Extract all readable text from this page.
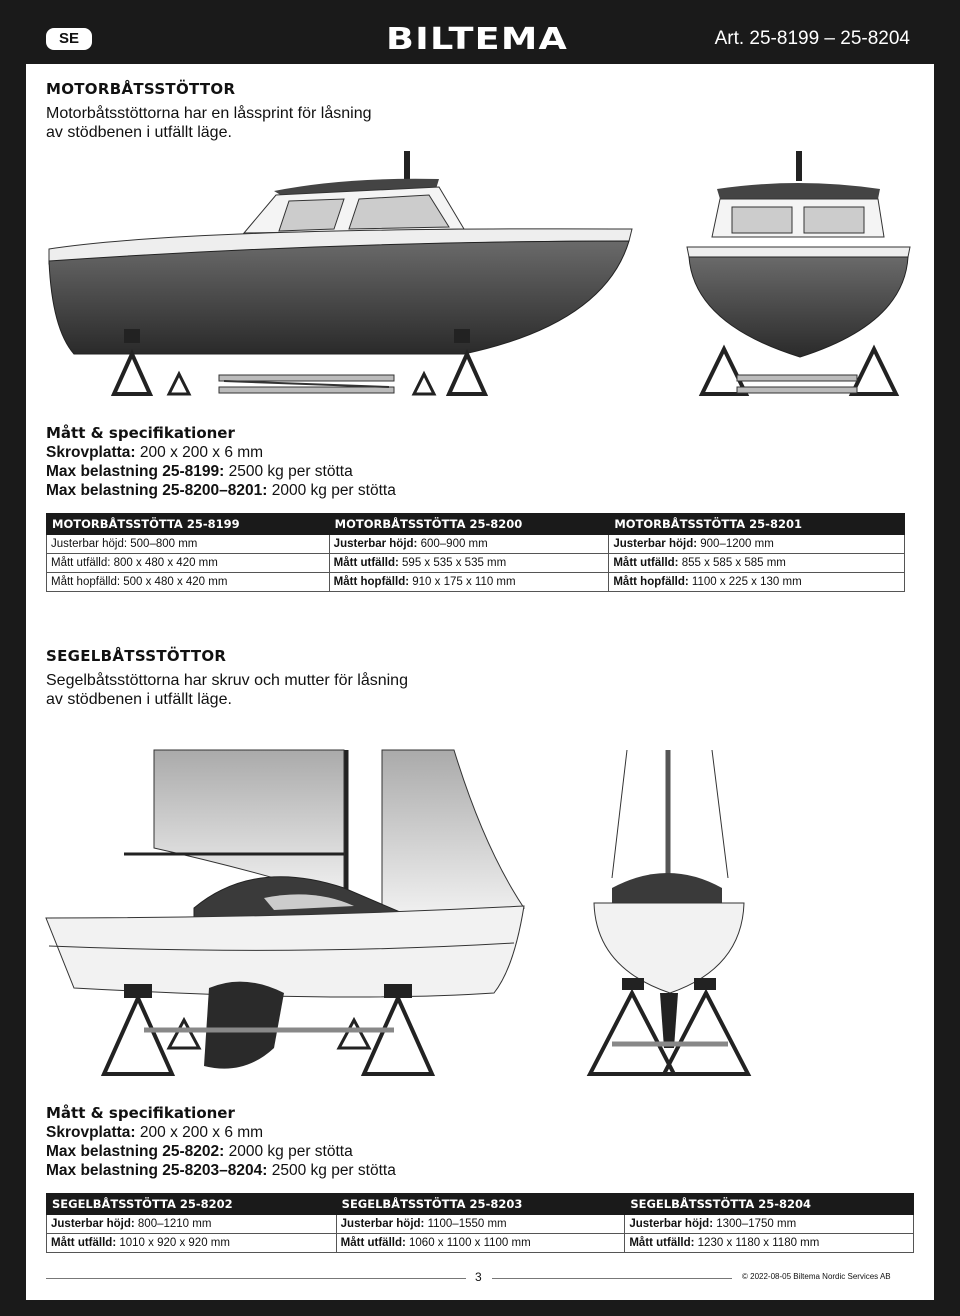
SE	BILTEMA	Art. 25-8199 – 25-8204
MOTORBÅTSSTÖTTOR
Motorbåtsstöttorna har en låssprint för låsning
av stödbenen i utfällt läge.
Mått & specifikationer
Skrovplatta: 200 x 200 x 6 mm
Max belastning 25-8199: 2500 kg per stötta
Max belastning 25-8200–8201: 2000 kg per stötta
MOTORBÅTSSTÖTTA 25-8199	MOTORBÅTSSTÖTTA 25-8200	MOTORBÅTSSTÖTTA 25-8201
Justerbar höjd: 500–800 mm	Justerbar höjd: 600–900 mm	Justerbar höjd: 900–1200 mm
Mått utfälld: 800 x 480 x 420 mm	Mått utfälld: 595 x 535 x 535 mm	Mått utfälld: 855 x 585 x 585 mm
Mått hopfälld: 500 x 480 x 420 mm	Mått hopfälld: 910 x 175 x 110 mm	Mått hopfälld: 1100 x 225 x 130 mm
SEGELBÅTSSTÖTTOR
Segelbåtsstöttorna har skruv och mutter för låsning
av stödbenen i utfällt läge.
Mått & specifikationer
Skrovplatta: 200 x 200 x 6 mm
Max belastning 25-8202: 2000 kg per stötta
Max belastning 25-8203–8204: 2500 kg per stötta
SEGELBÅTSSTÖTTA 25-8202	SEGELBÅTSSTÖTTA 25-8203	SEGELBÅTSSTÖTTA 25-8204
Justerbar höjd: 800–1210 mm	Justerbar höjd: 1100–1550 mm	Justerbar höjd: 1300–1750 mm
Mått utfälld: 1010 x 920 x 920 mm	Mått utfälld: 1060 x 1100 x 1100 mm	Mått utfälld: 1230 x 1180 x 1180 mm
3	© 2022-08-05 Biltema Nordic Services AB
